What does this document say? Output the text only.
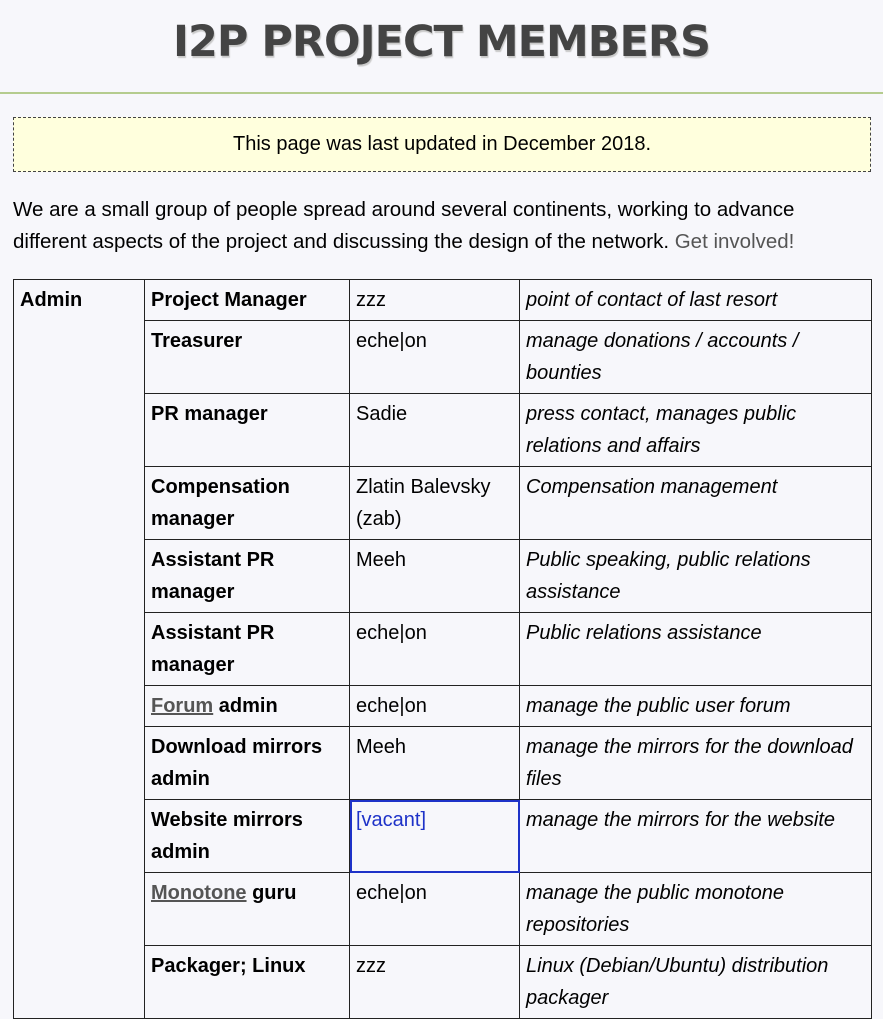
I2P PROJECT MEMBERS
This page was last updated in December 2018.

We are a small group of people spread around several continents, working to advance different aspects of the project and discussing the design of the network. Get involved!

Admin	Project Manager	zzz	point of contact of last resort
	Treasurer	eche|on	manage donations / accounts / bounties
	PR manager	Sadie	press contact, manages public relations and affairs
	Compensation manager	Zlatin Balevsky (zab)	Compensation management
	Assistant PR manager	Meeh	Public speaking, public relations assistance
	Assistant PR manager	eche|on	Public relations assistance
	Forum admin	eche|on	manage the public user forum
	Download mirrors admin	Meeh	manage the mirrors for the download files
	Website mirrors admin	[vacant]	manage the mirrors for the website
	Monotone guru	eche|on	manage the public monotone repositories
	Packager; Linux	zzz	Linux (Debian/Ubuntu) distribution packager
